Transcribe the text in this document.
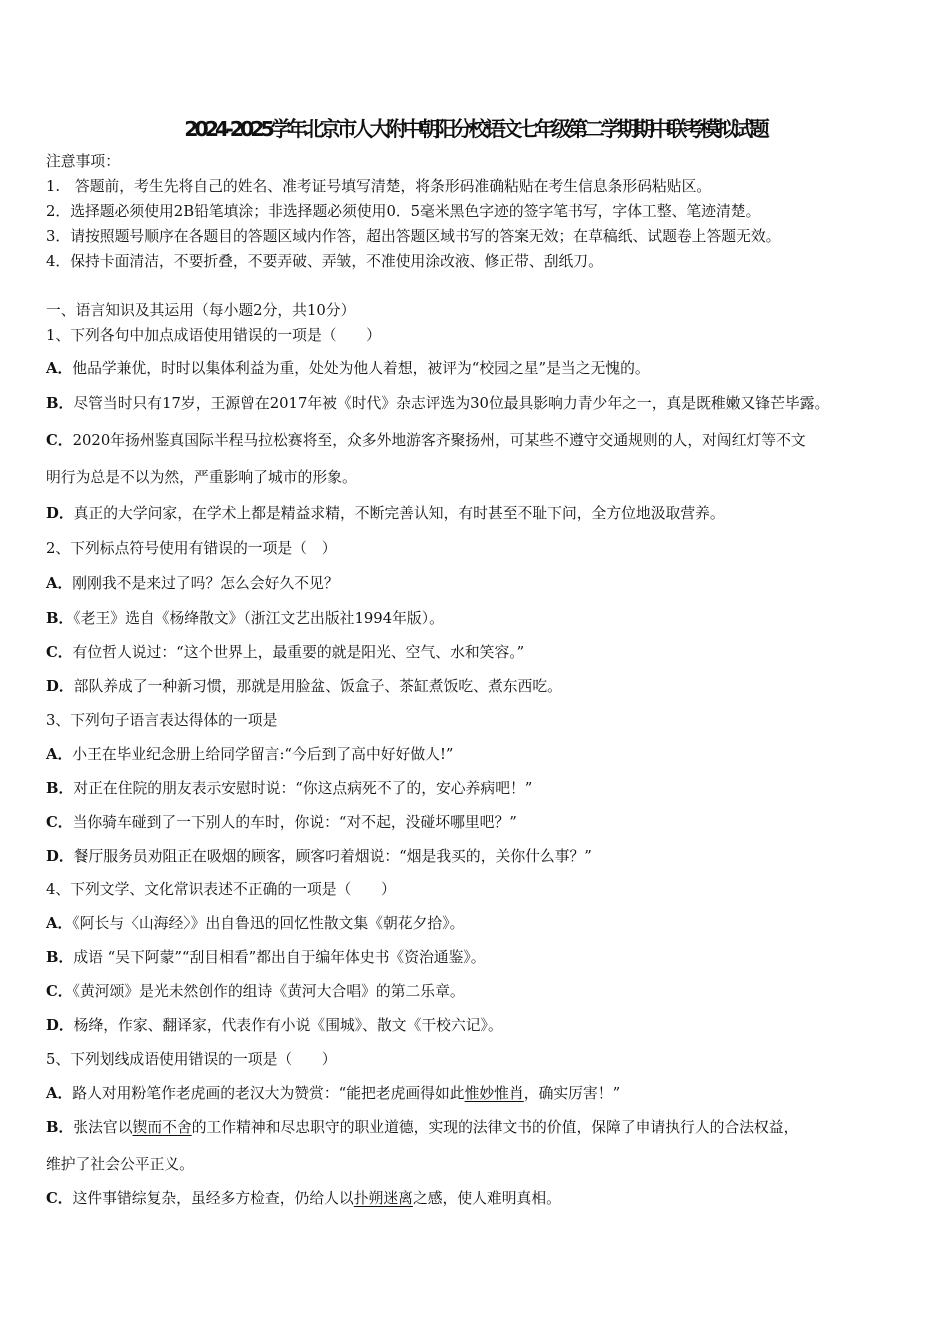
2024-2025学年北京市人大附中朝阳分校语文七年级第二学期期中联考模拟试题
注意事项：
1.　答题前，考生先将自己的姓名、准考证号填写清楚，将条形码准确粘贴在考生信息条形码粘贴区。
2．选择题必须使用2B铅笔填涂；非选择题必须使用0．5毫米黑色字迹的签字笔书写，字体工整、笔迹清楚。
3．请按照题号顺序在各题目的答题区域内作答，超出答题区域书写的答案无效；在草稿纸、试题卷上答题无效。
4．保持卡面清洁，不要折叠，不要弄破、弄皱，不准使用涂改液、修正带、刮纸刀。
一、语言知识及其运用（每小题2分，共10分）
1、下列各句中加点成语使用错误的一项是（　　）
A．他品学兼优，时时以集体利益为重，处处为他人着想，被评为“校园之星”是当之无愧的。
B．尽管当时只有17岁，王源曾在2017年被《时代》杂志评选为30位最具影响力青少年之一，真是既稚嫩又锋芒毕露。
C．2020年扬州鉴真国际半程马拉松赛将至，众多外地游客齐聚扬州，可某些不遵守交通规则的人，对闯红灯等不文
明行为总是不以为然，严重影响了城市的形象。
D．真正的大学问家，在学术上都是精益求精，不断完善认知，有时甚至不耻下问，全方位地汲取营养。
2、下列标点符号使用有错误的一项是（　）
A．刚刚我不是来过了吗？怎么会好久不见？
B．《老王》选自《杨绛散文》（浙江文艺出版社1994年版）。
C．有位哲人说过：“这个世界上，最重要的就是阳光、空气、水和笑容。”
D．部队养成了一种新习惯，那就是用脸盆、饭盒子、茶缸煮饭吃、煮东西吃。
3、下列句子语言表达得体的一项是
A．小王在毕业纪念册上给同学留言:“今后到了高中好好做人!”
B．对正在住院的朋友表示安慰时说：“你这点病死不了的，安心养病吧！”
C．当你骑车碰到了一下别人的车时，你说：“对不起，没碰坏哪里吧？”
D．餐厅服务员劝阻正在吸烟的顾客，顾客叼着烟说：“烟是我买的，关你什么事？”
4、下列文学、文化常识表述不正确的一项是（　　）
A．《阿长与〈山海经〉》出自鲁迅的回忆性散文集《朝花夕拾》。
B．成语 “吴下阿蒙”“刮目相看”都出自于编年体史书《资治通鉴》。
C．《黄河颂》是光未然创作的组诗《黄河大合唱》的第二乐章。
D．杨绛，作家、翻译家，代表作有小说《围城》、散文《干校六记》。
5、下列划线成语使用错误的一项是（　　）
A．路人对用粉笔作老虎画的老汉大为赞赏：“能把老虎画得如此惟妙惟肖，确实厉害！”
B．张法官以锲而不舍的工作精神和尽忠职守的职业道德，实现的法律文书的价值，保障了申请执行人的合法权益，
维护了社会公平正义。
C．这件事错综复杂，虽经多方检查，仍给人以扑朔迷离之感，使人难明真相。
